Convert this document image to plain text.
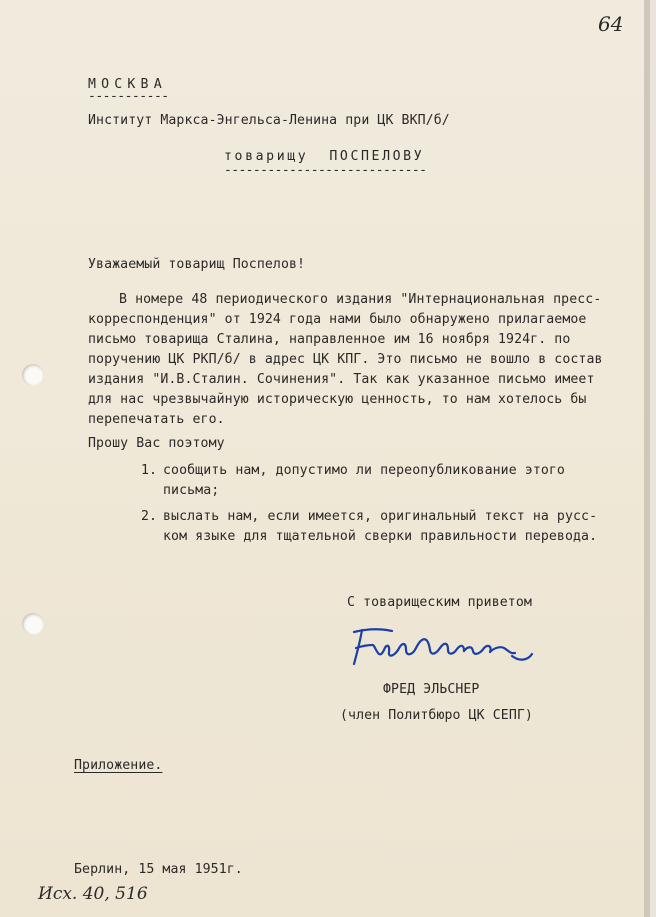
64
МОСКВА
-----------
Институт Маркса-Энгельса-Ленина при ЦК ВКП/б/
товарищу  ПОСПЕЛОВУ
----------------------------
Уважаемый товарищ Поспелов!
В номере 48 периодического издания "Интернациональная пресс-
корреспонденция" от 1924 года нами было обнаружено прилагаемое
письмо товарища Сталина, направленное им 16 ноября 1924г. по
поручению ЦК РКП/б/ в адрес ЦК КПГ. Это письмо не вошло в состав
издания "И.В.Сталин. Сочинения". Так как указанное письмо имеет
для нас чрезвычайную историческую ценность, то нам хотелось бы
перепечатать его.
Прошу Вас поэтому
1. сообщить нам, допустимо ли переопубликование этого
письма;
2. выслать нам, если имеется, оригинальный текст на русс-
ком языке для тщательной сверки правильности перевода.
С товарищеским приветом
ФРЕД ЭЛЬСНЕР
(член Политбюро ЦК СЕПГ)
Приложение.
Берлин, 15 мая 1951г.
Исх. 40, 516
